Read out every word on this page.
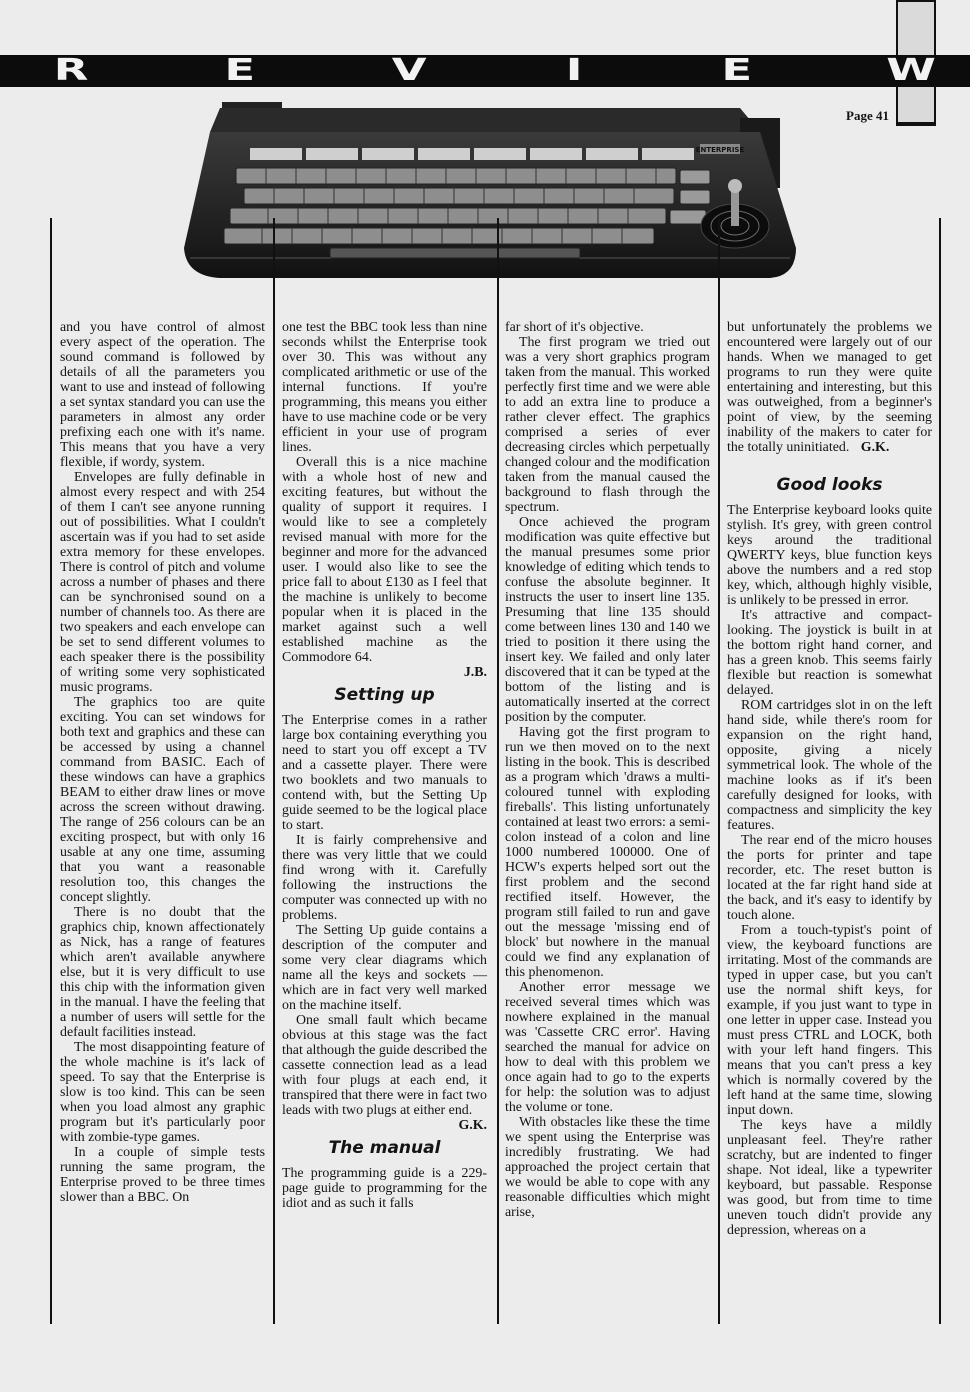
R	E	V	I	E	W
Page 41
ENTERPRISE

and you have control of almost every aspect of the operation. The sound command is followed by details of all the parameters you want to use and instead of following a set syntax standard you can use the parameters in almost any order prefixing each one with it's name. This means that you have a very flexible, if wordy, system.

Envelopes are fully definable in almost every respect and with 254 of them I can't see anyone running out of possibilities. What I couldn't ascertain was if you had to set aside extra memory for these envelopes. There is control of pitch and volume across a number of phases and there can be synchronised sound on a number of channels too. As there are two speakers and each envelope can be set to send different volumes to each speaker there is the possibility of writing some very sophisticated music programs.

The graphics too are quite exciting. You can set windows for both text and graphics and these can be accessed by using a channel command from BASIC. Each of these windows can have a graphics BEAM to either draw lines or move across the screen without drawing. The range of 256 colours can be an exciting prospect, but with only 16 usable at any one time, assuming that you want a reasonable resolution too, this changes the concept slightly.

There is no doubt that the graphics chip, known affectionately as Nick, has a range of features which aren't available anywhere else, but it is very difficult to use this chip with the information given in the manual. I have the feeling that a number of users will settle for the default facilities instead.

The most disappointing feature of the whole machine is it's lack of speed. To say that the Enterprise is slow is too kind. This can be seen when you load almost any graphic program but it's particularly poor with zombie-type games.

In a couple of simple tests running the same program, the Enterprise proved to be three times slower than a BBC. On

one test the BBC took less than nine seconds whilst the Enterprise took over 30. This was without any complicated arithmetic or use of the internal functions. If you're programming, this means you either have to use machine code or be very efficient in your use of program lines.

Overall this is a nice machine with a whole host of new and exciting features, but without the quality of support it requires. I would like to see a completely revised manual with more for the beginner and more for the advanced user. I would also like to see the price fall to about £130 as I feel that the machine is unlikely to become popular when it is placed in the market against such a well established machine as the Commodore 64.

J.B.

Setting up

The Enterprise comes in a rather large box containing everything you need to start you off except a TV and a cassette player. There were two booklets and two manuals to contend with, but the Setting Up guide seemed to be the logical place to start.

It is fairly comprehensive and there was very little that we could find wrong with it. Carefully following the instructions the computer was connected up with no problems.

The Setting Up guide contains a description of the computer and some very clear diagrams which name all the keys and sockets — which are in fact very well marked on the machine itself.

One small fault which became obvious at this stage was the fact that although the guide described the cassette connection lead as a lead with four plugs at each end, it transpired that there were in fact two leads with two plugs at either end.

G.K.

The manual

The programming guide is a 229-page guide to programming for the idiot and as such it falls

far short of it's objective.

The first program we tried out was a very short graphics program taken from the manual. This worked perfectly first time and we were able to add an extra line to produce a rather clever effect. The graphics comprised a series of ever decreasing circles which perpetually changed colour and the modification taken from the manual caused the background to flash through the spectrum.

Once achieved the program modification was quite effective but the manual presumes some prior knowledge of editing which tends to confuse the absolute beginner. It instructs the user to insert line 135. Presuming that line 135 should come between lines 130 and 140 we tried to position it there using the insert key. We failed and only later discovered that it can be typed at the bottom of the listing and is automatically inserted at the correct position by the computer.

Having got the first program to run we then moved on to the next listing in the book. This is described as a program which 'draws a multi-coloured tunnel with exploding fireballs'. This listing unfortunately contained at least two errors: a semi-colon instead of a colon and line 1000 numbered 100000. One of HCW's experts helped sort out the first problem and the second rectified itself. However, the program still failed to run and gave out the message 'missing end of block' but nowhere in the manual could we find any explanation of this phenomenon.

Another error message we received several times which was nowhere explained in the manual was 'Cassette CRC error'. Having searched the manual for advice on how to deal with this problem we once again had to go to the experts for help: the solution was to adjust the volume or tone.

With obstacles like these the time we spent using the Enterprise was incredibly frustrating. We had approached the project certain that we would be able to cope with any reasonable difficulties which might arise,

but unfortunately the problems we encountered were largely out of our hands. When we managed to get programs to run they were quite entertaining and interesting, but this was outweighed, from a beginner's point of view, by the seeming inability of the makers to cater for the totally uninitiated. G.K.

Good looks

The Enterprise keyboard looks quite stylish. It's grey, with green control keys around the traditional QWERTY keys, blue function keys above the numbers and a red stop key, which, although highly visible, is unlikely to be pressed in error.

It's attractive and compact-looking. The joystick is built in at the bottom right hand corner, and has a green knob. This seems fairly flexible but reaction is somewhat delayed.

ROM cartridges slot in on the left hand side, while there's room for expansion on the right hand, opposite, giving a nicely symmetrical look. The whole of the machine looks as if it's been carefully designed for looks, with compactness and simplicity the key features.

The rear end of the micro houses the ports for printer and tape recorder, etc. The reset button is located at the far right hand side at the back, and it's easy to identify by touch alone.

From a touch-typist's point of view, the keyboard functions are irritating. Most of the commands are typed in upper case, but you can't use the normal shift keys, for example, if you just want to type in one letter in upper case. Instead you must press CTRL and LOCK, both with your left hand fingers. This means that you can't press a key which is normally covered by the left hand at the same time, slowing input down.

The keys have a mildly unpleasant feel. They're rather scratchy, but are indented to finger shape. Not ideal, like a typewriter keyboard, but passable. Response was good, but from time to time uneven touch didn't provide any depression, whereas on a
